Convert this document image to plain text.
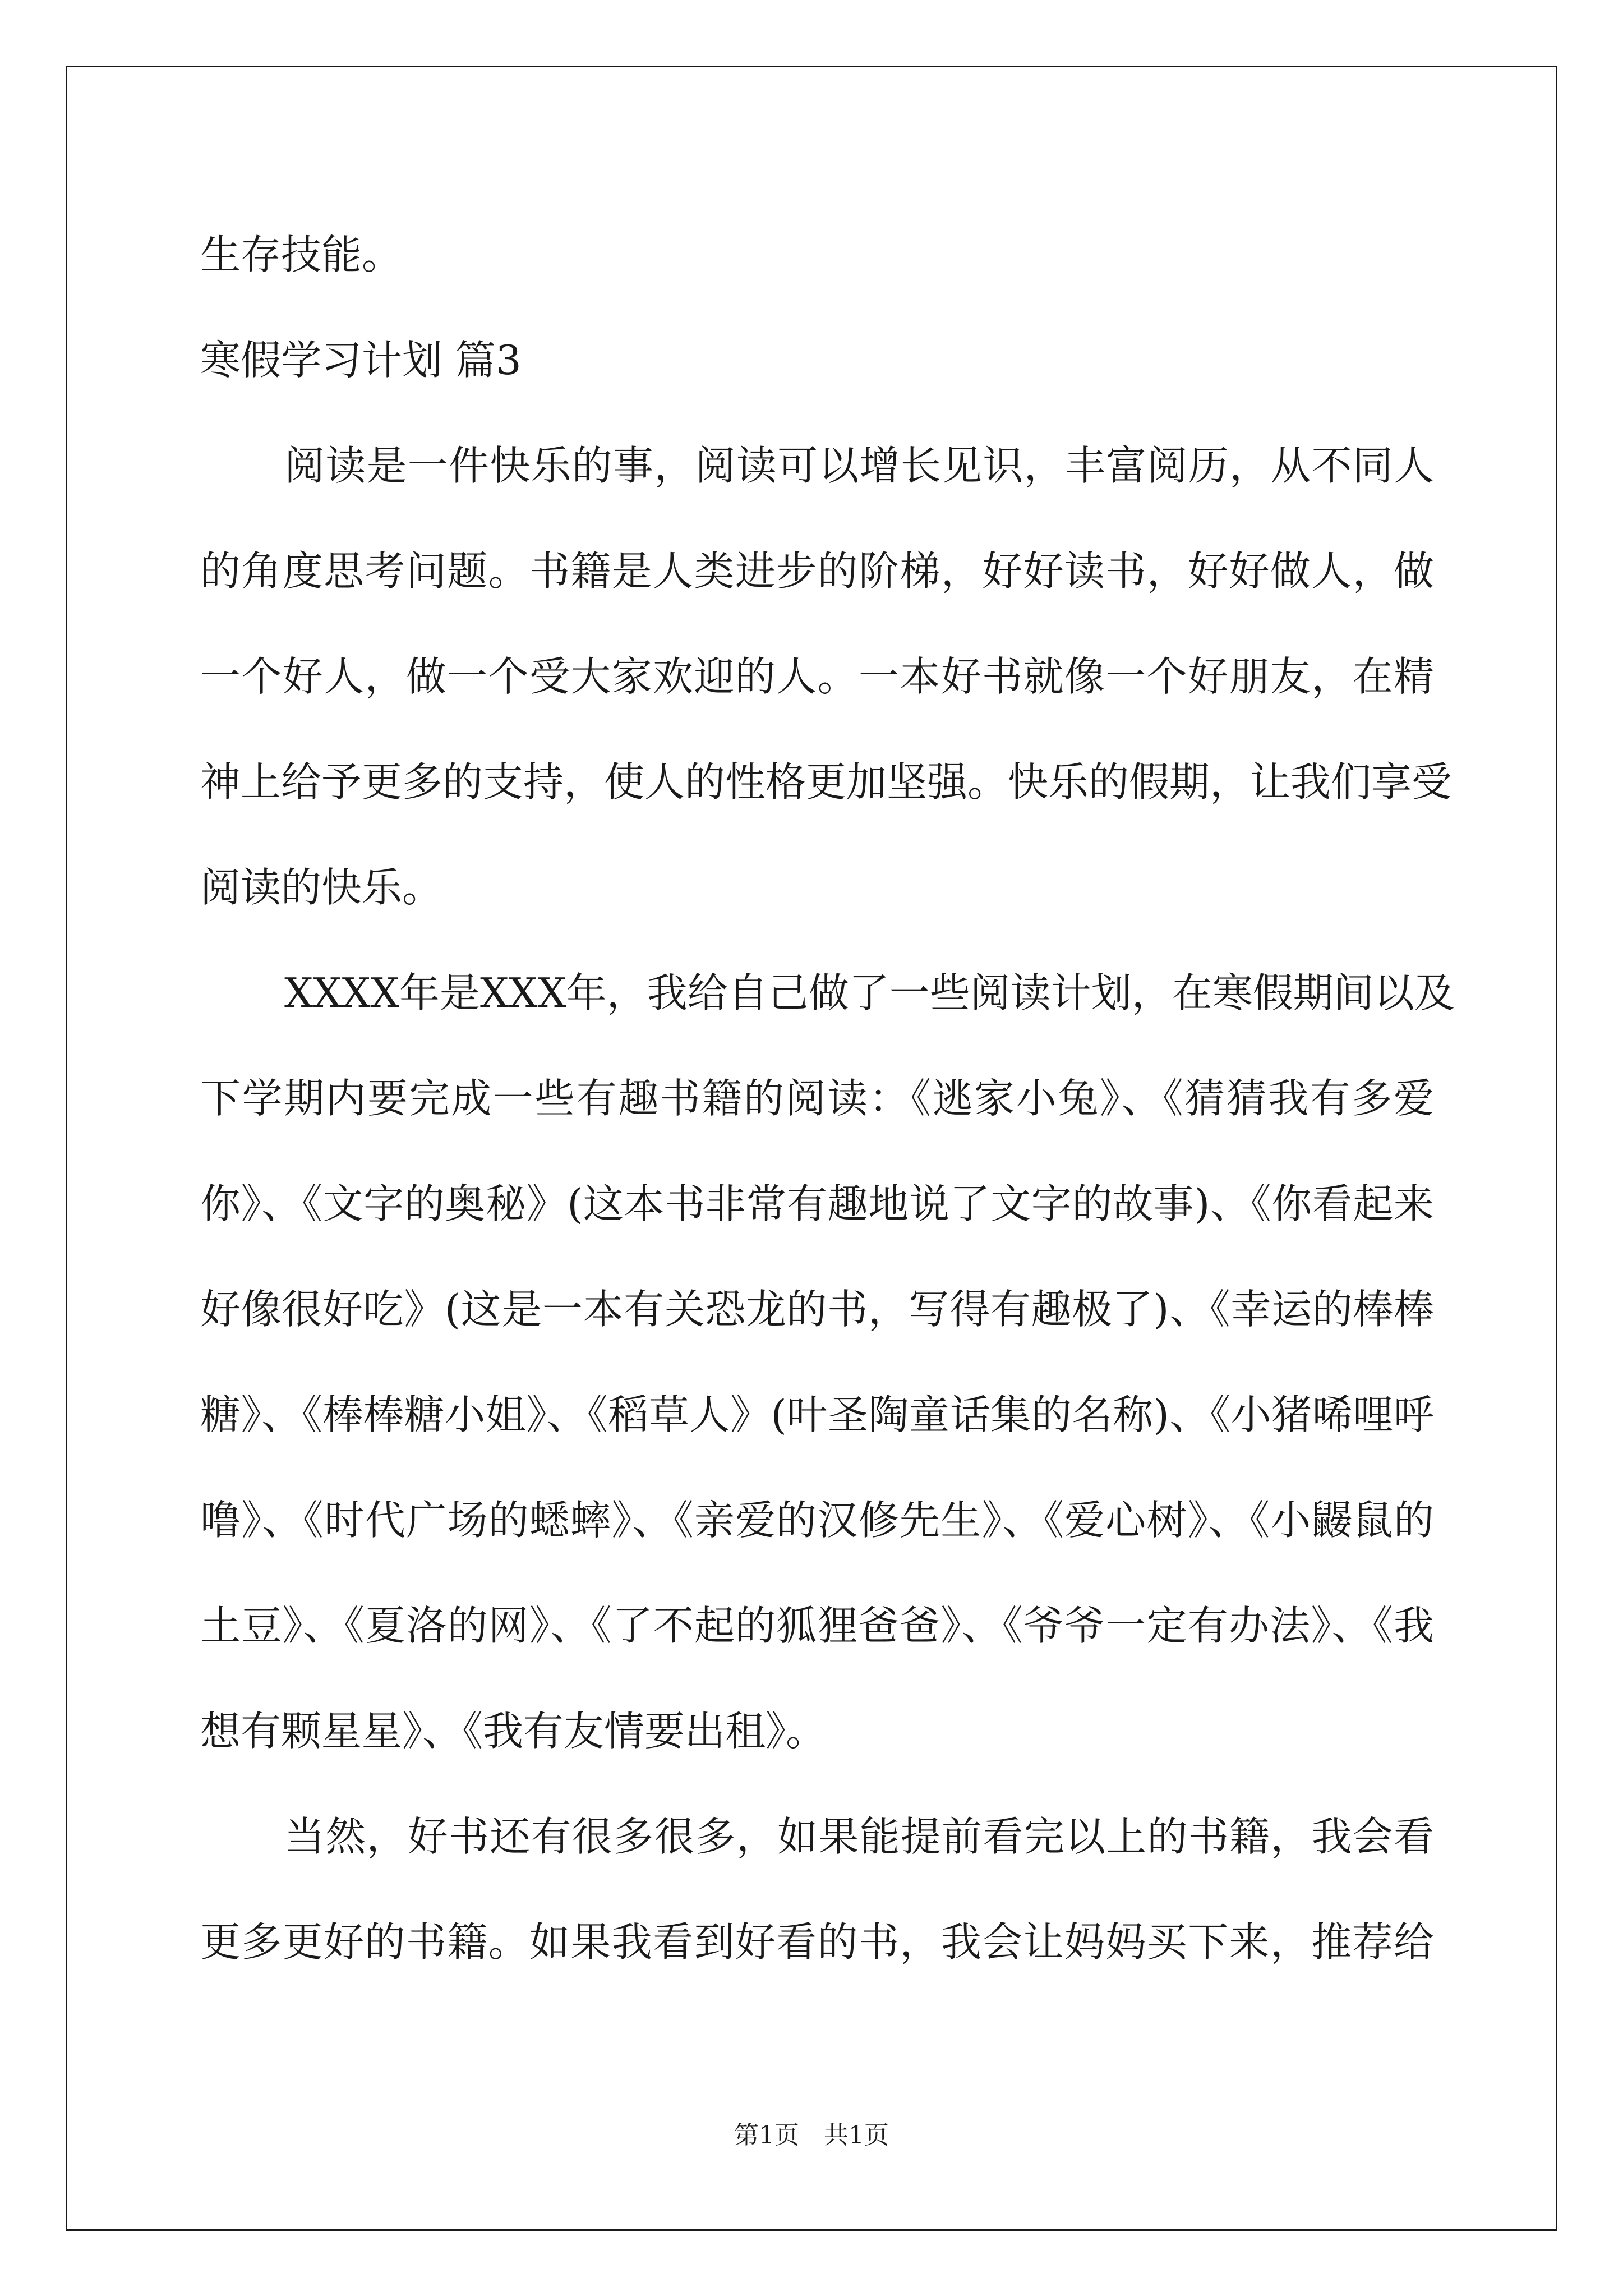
生存技能。
寒假学习计划 篇3
阅读是一件快乐的事，阅读可以增长见识，丰富阅历，从不同人
的角度思考问题。书籍是人类进步的阶梯，好好读书，好好做人，做
一个好人，做一个受大家欢迎的人。一本好书就像一个好朋友，在精
神上给予更多的支持，使人的性格更加坚强。快乐的假期，让我们享受
阅读的快乐。
XXXX年是XXX年，我给自己做了一些阅读计划，在寒假期间以及
下学期内要完成一些有趣书籍的阅读：《逃家小兔》、《猜猜我有多爱
你》、《文字的奥秘》(这本书非常有趣地说了文字的故事)、《你看起来
好像很好吃》(这是一本有关恐龙的书，写得有趣极了)、《幸运的棒棒
糖》、《棒棒糖小姐》、《稻草人》(叶圣陶童话集的名称)、《小猪唏哩呼
噜》、《时代广场的蟋蟀》、《亲爱的汉修先生》、《爱心树》、《小鼹鼠的
土豆》、《夏洛的网》、《了不起的狐狸爸爸》、《爷爷一定有办法》、《我
想有颗星星》、《我有友情要出租》。
当然，好书还有很多很多，如果能提前看完以上的书籍，我会看
更多更好的书籍。如果我看到好看的书，我会让妈妈买下来，推荐给
第1页　共1页
